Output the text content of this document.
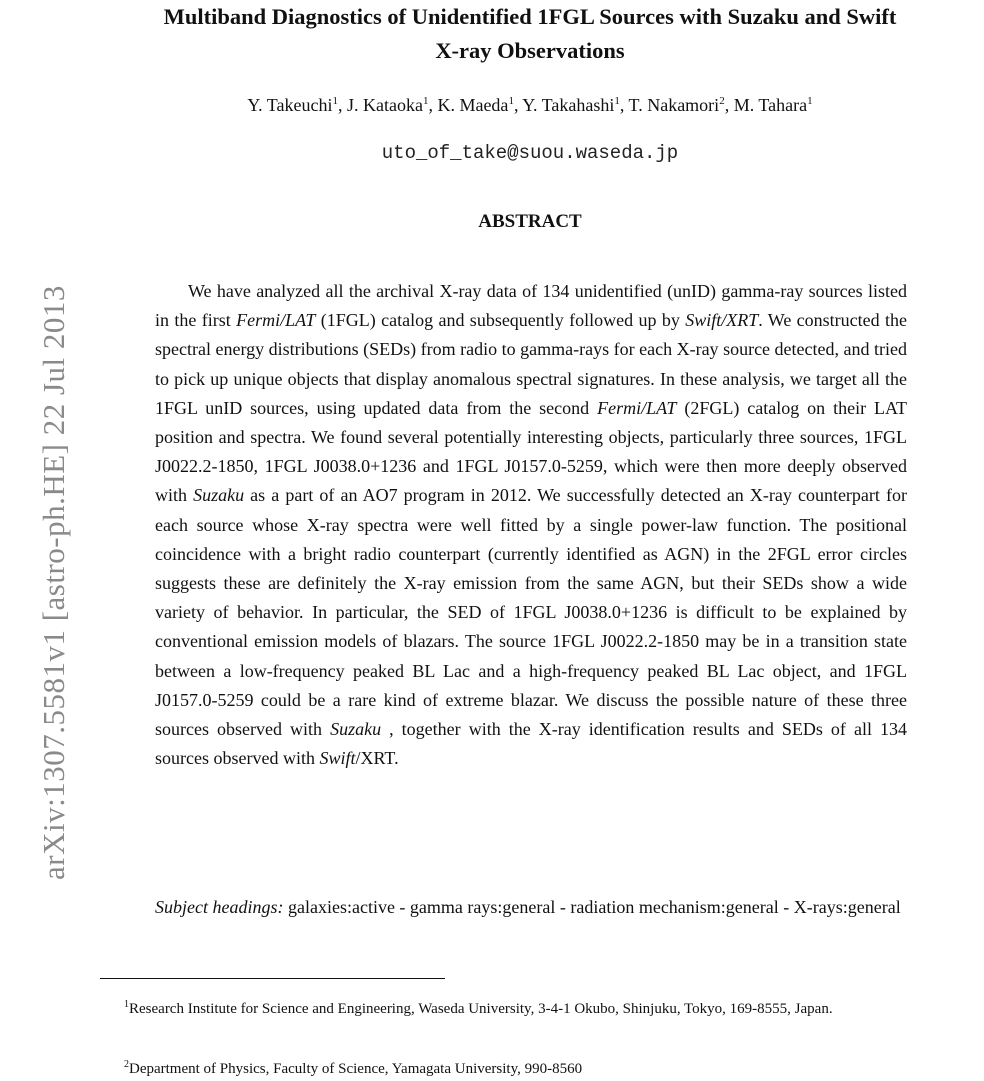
arXiv:1307.5581v1 [astro-ph.HE] 22 Jul 2013
Multiband Diagnostics of Unidentified 1FGL Sources with Suzaku and Swift
X-ray Observations
Y. Takeuchi$^1$, J. Kataoka$^1$, K. Maeda$^1$, Y. Takahashi$^1$, T. Nakamori$^2$, M. Tahara$^1$
uto_of_take@suou.waseda.jp
ABSTRACT
We have analyzed all the archival X-ray data of 134 unidentified (unID) gamma-ray sources listed in the first Fermi/LAT (1FGL) catalog and subsequently followed up by Swift/XRT. We constructed the spectral energy distributions (SEDs) from radio to gamma-rays for each X-ray source detected, and tried to pick up unique objects that display anomalous spectral signatures. In these analysis, we target all the 1FGL unID sources, using updated data from the second Fermi/LAT (2FGL) catalog on their LAT position and spectra. We found several potentially interesting objects, particularly three sources, 1FGL J0022.2-1850, 1FGL J0038.0+1236 and 1FGL J0157.0-5259, which were then more deeply observed with Suzaku as a part of an AO7 program in 2012. We successfully detected an X-ray counterpart for each source whose X-ray spectra were well fitted by a single power-law function. The positional coincidence with a bright radio counterpart (currently identified as AGN) in the 2FGL error circles suggests these are definitely the X-ray emission from the same AGN, but their SEDs show a wide variety of behavior. In particular, the SED of 1FGL J0038.0+1236 is difficult to be explained by conventional emission models of blazars. The source 1FGL J0022.2-1850 may be in a transition state between a low-frequency peaked BL Lac and a high-frequency peaked BL Lac object, and 1FGL J0157.0-5259 could be a rare kind of extreme blazar. We discuss the possible nature of these three sources observed with Suzaku , together with the X-ray identification results and SEDs of all 134 sources observed with Swift/XRT.
Subject headings: galaxies:active - gamma rays:general - radiation mechanism:general - X-rays:general
$^1$Research Institute for Science and Engineering, Waseda University, 3-4-1 Okubo, Shinjuku, Tokyo, 169-8555, Japan.
$^2$Department of Physics, Faculty of Science, Yamagata University, 990-8560
